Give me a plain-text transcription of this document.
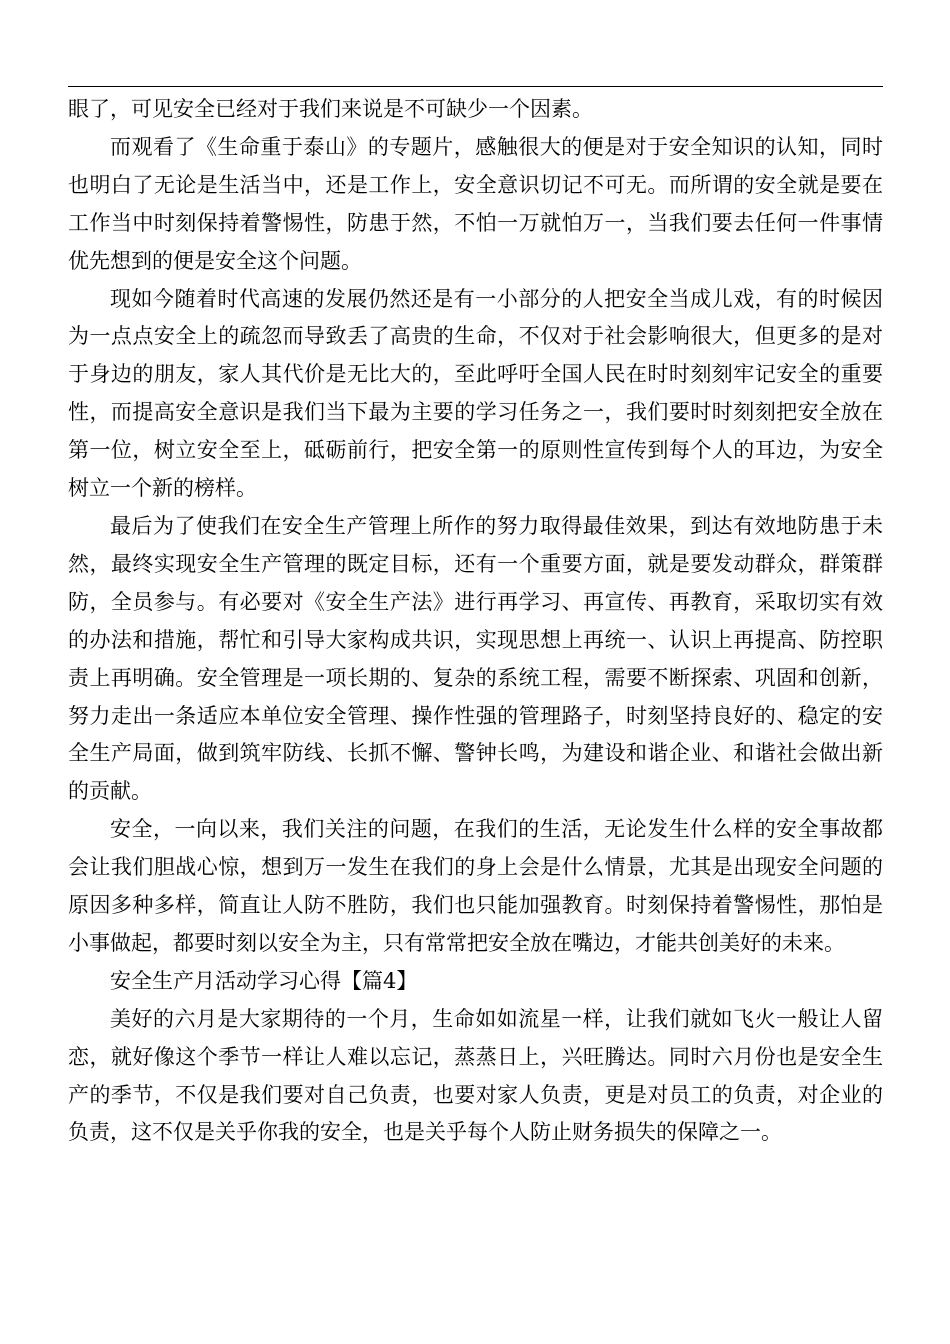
眼了，可见安全已经对于我们来说是不可缺少一个因素。

而观看了《生命重于泰山》的专题片，感触很大的便是对于安全知识的认知，同时也明白了无论是生活当中，还是工作上，安全意识切记不可无。而所谓的安全就是要在工作当中时刻保持着警惕性，防患于然，不怕一万就怕万一，当我们要去任何一件事情优先想到的便是安全这个问题。

现如今随着时代高速的发展仍然还是有一小部分的人把安全当成儿戏，有的时候因为一点点安全上的疏忽而导致丢了高贵的生命，不仅对于社会影响很大，但更多的是对于身边的朋友，家人其代价是无比大的，至此呼吁全国人民在时时刻刻牢记安全的重要性，而提高安全意识是我们当下最为主要的学习任务之一，我们要时时刻刻把安全放在第一位，树立安全至上，砥砺前行，把安全第一的原则性宣传到每个人的耳边，为安全树立一个新的榜样。

最后为了使我们在安全生产管理上所作的努力取得最佳效果，到达有效地防患于未然，最终实现安全生产管理的既定目标，还有一个重要方面，就是要发动群众，群策群防，全员参与。有必要对《安全生产法》进行再学习、再宣传、再教育，采取切实有效的办法和措施，帮忙和引导大家构成共识，实现思想上再统一、认识上再提高、防控职责上再明确。安全管理是一项长期的、复杂的系统工程，需要不断探索、巩固和创新，努力走出一条适应本单位安全管理、操作性强的管理路子，时刻坚持良好的、稳定的安全生产局面，做到筑牢防线、长抓不懈、警钟长鸣，为建设和谐企业、和谐社会做出新的贡献。

安全，一向以来，我们关注的问题，在我们的生活，无论发生什么样的安全事故都会让我们胆战心惊，想到万一发生在我们的身上会是什么情景，尤其是出现安全问题的原因多种多样，简直让人防不胜防，我们也只能加强教育。时刻保持着警惕性，那怕是小事做起，都要时刻以安全为主，只有常常把安全放在嘴边，才能共创美好的未来。

安全生产月活动学习心得【篇4】

美好的六月是大家期待的一个月，生命如如流星一样，让我们就如飞火一般让人留恋，就好像这个季节一样让人难以忘记，蒸蒸日上，兴旺腾达。同时六月份也是安全生产的季节，不仅是我们要对自己负责，也要对家人负责，更是对员工的负责，对企业的负责，这不仅是关乎你我的安全，也是关乎每个人防止财务损失的保障之一。
